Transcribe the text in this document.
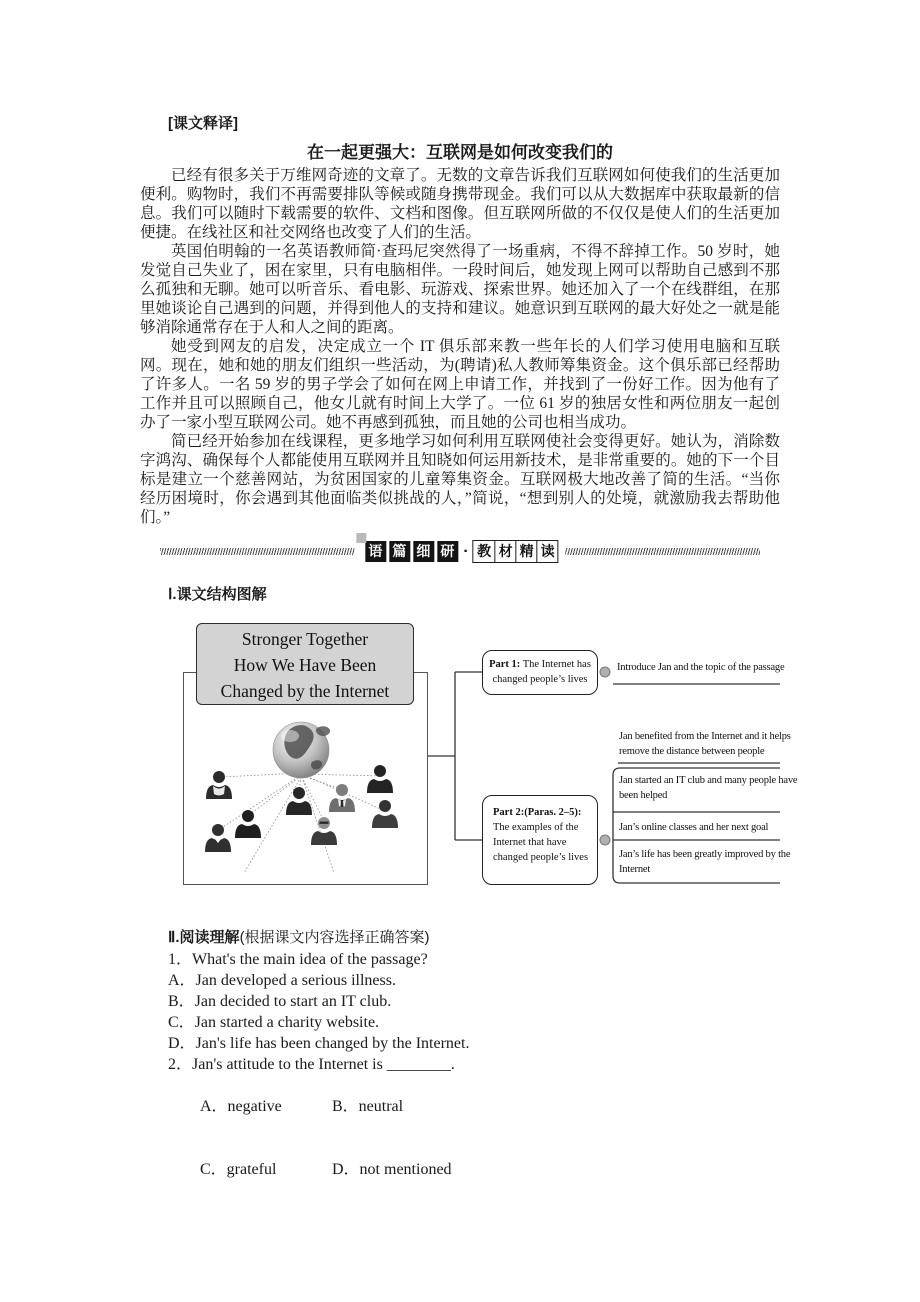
[课文释译]
在一起更强大：互联网是如何改变我们的
已经有很多关于万维网奇迹的文章了。无数的文章告诉我们互联网如何使我们的生活更加便利。购物时，我们不再需要排队等候或随身携带现金。我们可以从大数据库中获取最新的信息。我们可以随时下载需要的软件、文档和图像。但互联网所做的不仅仅是使人们的生活更加便捷。在线社区和社交网络也改变了人们的生活。
英国伯明翰的一名英语教师简·查玛尼突然得了一场重病，不得不辞掉工作。50 岁时，她发觉自己失业了，困在家里，只有电脑相伴。一段时间后，她发现上网可以帮助自己感到不那么孤独和无聊。她可以听音乐、看电影、玩游戏、探索世界。她还加入了一个在线群组，在那里她谈论自己遇到的问题，并得到他人的支持和建议。她意识到互联网的最大好处之一就是能够消除通常存在于人和人之间的距离。
她受到网友的启发，决定成立一个 IT 俱乐部来教一些年长的人们学习使用电脑和互联网。现在，她和她的朋友们组织一些活动，为(聘请)私人教师筹集资金。这个俱乐部已经帮助了许多人。一名 59 岁的男子学会了如何在网上申请工作，并找到了一份好工作。因为他有了工作并且可以照顾自己，他女儿就有时间上大学了。一位 61 岁的独居女性和两位朋友一起创办了一家小型互联网公司。她不再感到孤独，而且她的公司也相当成功。
简已经开始参加在线课程，更多地学习如何利用互联网使社会变得更好。她认为，消除数字鸿沟、确保每个人都能使用互联网并且知晓如何运用新技术，是非常重要的。她的下一个目标是建立一个慈善网站，为贫困国家的儿童筹集资金。互联网极大地改善了简的生活。“当你经历困境时，你会遇到其他面临类似挑战的人，”简说，“想到别人的处境，就激励我去帮助他们。”
语 篇 细 研 · 教 材 精 读
Ⅰ.课文结构图解
Stronger Together
How We Have Been
Changed by the Internet
Part 1: The Internet has changed people’s lives
Part 2:(Paras. 2–5):
The examples of the Internet that have changed people’s lives
Introduce Jan and the topic of the passage
Jan benefited from the Internet and it helps remove the distance between people
Jan started an IT club and many people have been helped
Jan’s online classes and her next goal
Jan’s life has been greatly improved by the Internet
Ⅱ.阅读理解(根据课文内容选择正确答案)
1．What's the main idea of the passage?
A．Jan developed a serious illness.
B．Jan decided to start an IT club.
C．Jan started a charity website.
D．Jan's life has been changed by the Internet.
2．Jan's attitude to the Internet is ________.

A．negative	B．neutral

C．grateful	D．not mentioned
